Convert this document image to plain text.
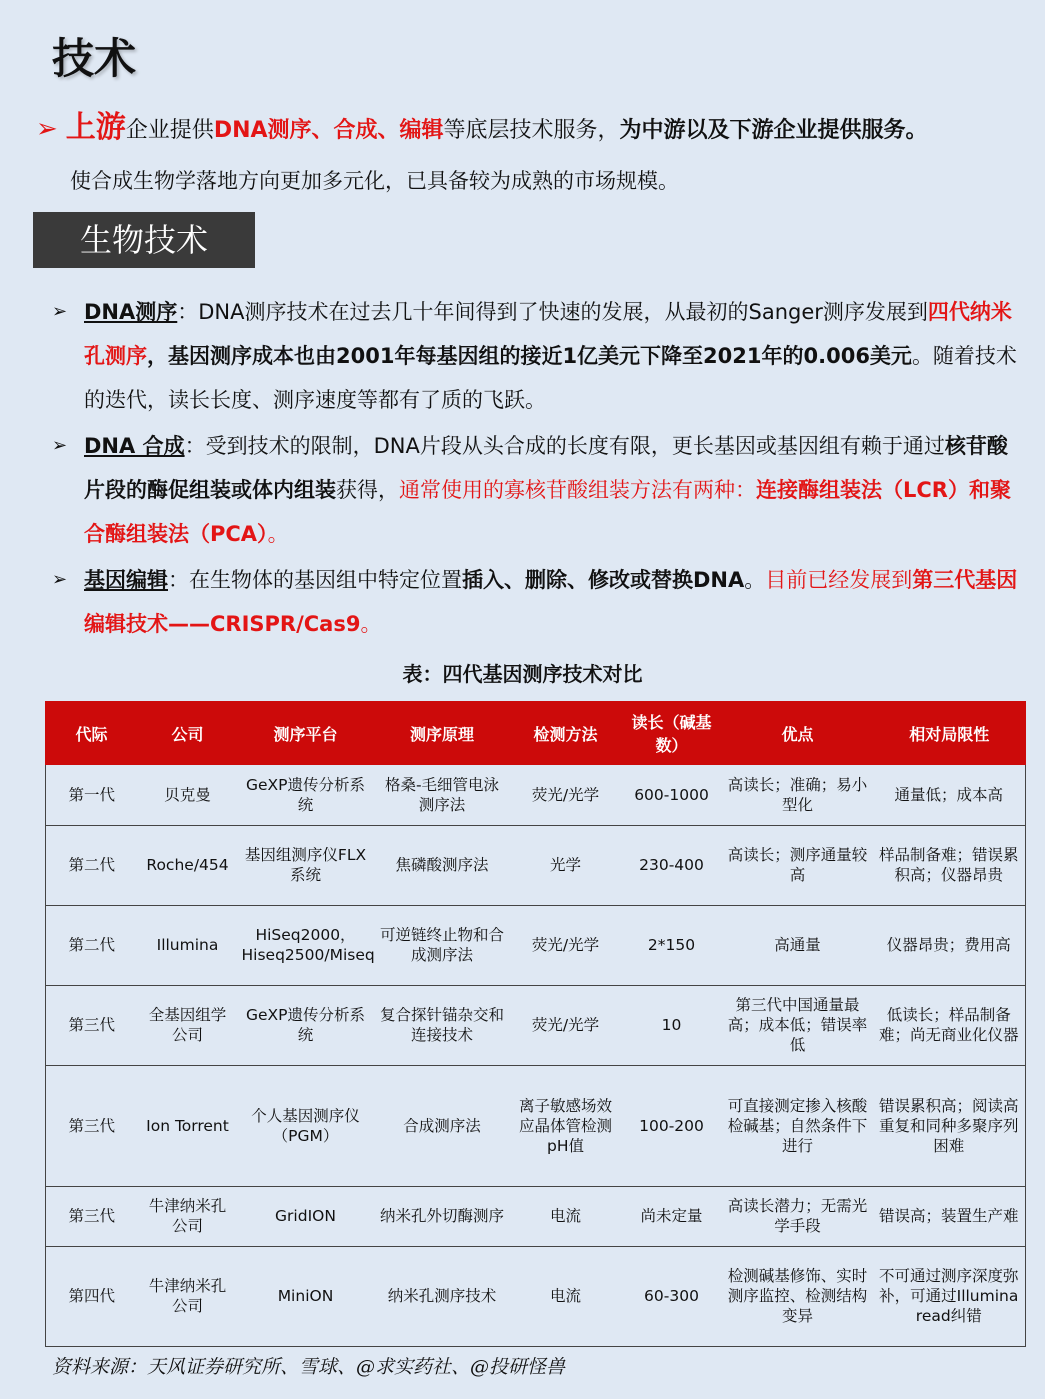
技术
➢ 上游企业提供DNA测序、合成、编辑等底层技术服务，为中游以及下游企业提供服务。
使合成生物学落地方向更加多元化，已具备较为成熟的市场规模。
生物技术
➢ DNA测序：DNA测序技术在过去几十年间得到了快速的发展，从最初的Sanger测序发展到四代纳米孔测序，基因测序成本也由2001年每基因组的接近1亿美元下降至2021年的0.006美元。随着技术的迭代，读长长度、测序速度等都有了质的飞跃。
➢ DNA 合成：受到技术的限制，DNA片段从头合成的长度有限，更长基因或基因组有赖于通过核苷酸片段的酶促组装或体内组装获得，通常使用的寡核苷酸组装方法有两种：连接酶组装法（LCR）和聚合酶组装法（PCA）。
➢ 基因编辑：在生物体的基因组中特定位置插入、删除、修改或替换DNA。目前已经发展到第三代基因编辑技术——CRISPR/Cas9。
表：四代基因测序技术对比
代际	公司	测序平台	测序原理	检测方法	读长（碱基数）	优点	相对局限性
第一代	贝克曼	GeXP遗传分析系统	格桑-毛细管电泳测序法	荧光/光学	600-1000	高读长；准确；易小型化	通量低；成本高
第二代	Roche/454	基因组测序仪FLX系统	焦磷酸测序法	光学	230-400	高读长；测序通量较高	样品制备难；错误累积高；仪器昂贵
第二代	Illumina	HiSeq2000，Hiseq2500/Miseq	可逆链终止物和合成测序法	荧光/光学	2*150	高通量	仪器昂贵；费用高
第三代	全基因组学公司	GeXP遗传分析系统	复合探针锚杂交和连接技术	荧光/光学	10	第三代中国通量最高；成本低；错误率低	低读长；样品制备难；尚无商业化仪器
第三代	Ion Torrent	个人基因测序仪（PGM）	合成测序法	离子敏感场效应晶体管检测pH值	100-200	可直接测定掺入核酸检碱基；自然条件下进行	错误累积高；阅读高重复和同种多聚序列困难
第三代	牛津纳米孔公司	GridION	纳米孔外切酶测序	电流	尚未定量	高读长潜力；无需光学手段	错误高；装置生产难
第四代	牛津纳米孔公司	MiniON	纳米孔测序技术	电流	60-300	检测碱基修饰、实时测序监控、检测结构变异	不可通过测序深度弥补，可通过Illumina read纠错
资料来源：天风证券研究所、雪球、@求实药社、@投研怪兽
